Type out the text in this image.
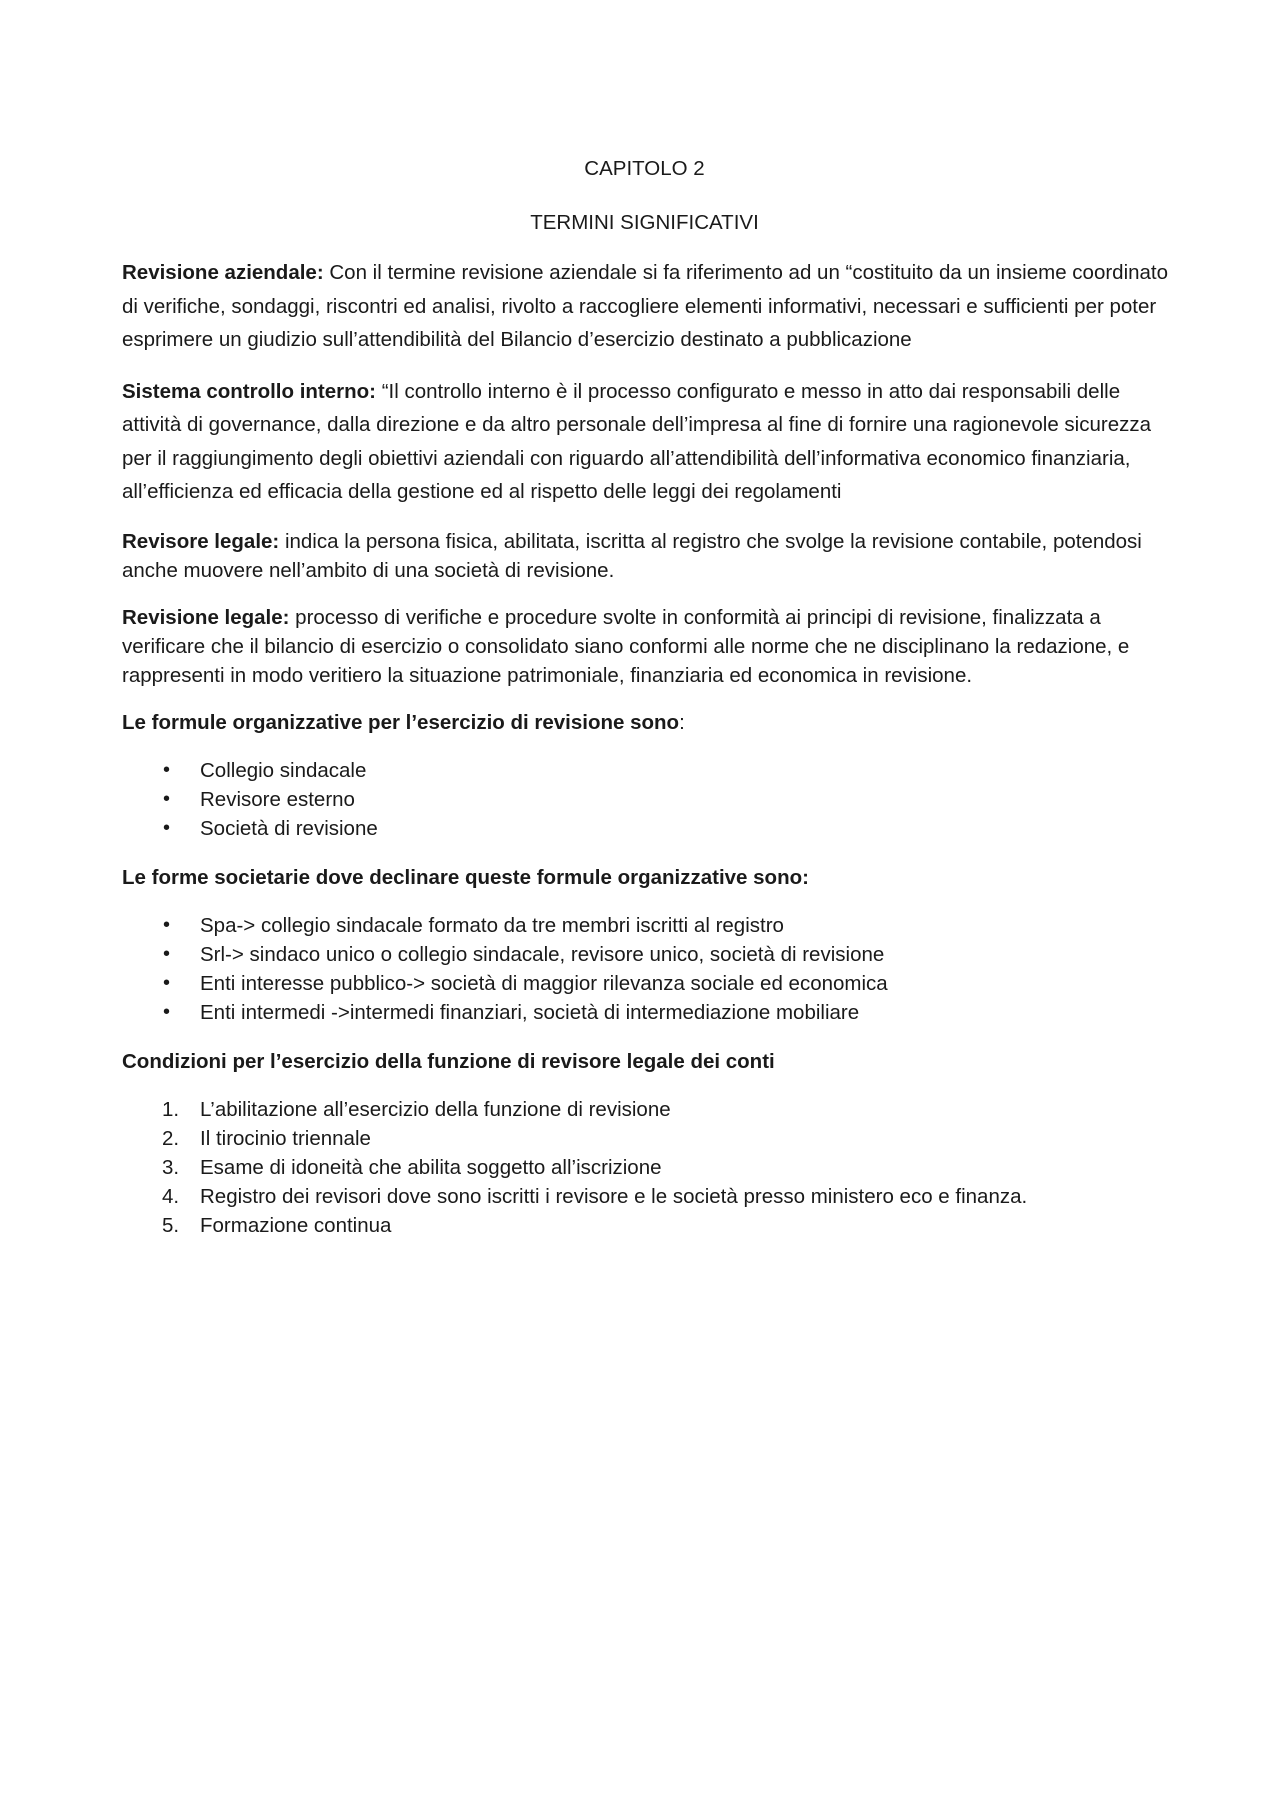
CAPITOLO 2

TERMINI SIGNIFICATIVI

Revisione aziendale: Con il termine revisione aziendale si fa riferimento ad un “costituito da un insieme coordinato di verifiche, sondaggi, riscontri ed analisi, rivolto a raccogliere elementi informativi, necessari e sufficienti per poter esprimere un giudizio sull’attendibilità del Bilancio d’esercizio destinato a pubblicazione

Sistema controllo interno: “Il controllo interno è il processo configurato e messo in atto dai responsabili delle attività di governance, dalla direzione e da altro personale dell’impresa al fine di fornire una ragionevole sicurezza per il raggiungimento degli obiettivi aziendali con riguardo all’attendibilità dell’informativa economico finanziaria, all’efficienza ed efficacia della gestione ed al rispetto delle leggi dei regolamenti

Revisore legale: indica la persona fisica, abilitata, iscritta al registro che svolge la revisione contabile, potendosi anche muovere nell’ambito di una società di revisione.

Revisione legale: processo di verifiche e procedure svolte in conformità ai principi di revisione, finalizzata a verificare che il bilancio di esercizio o consolidato siano conformi alle norme che ne disciplinano la redazione, e rappresenti in modo veritiero la situazione patrimoniale, finanziaria ed economica in revisione.

Le formule organizzative per l’esercizio di revisione sono:

• Collegio sindacale
• Revisore esterno
• Società di revisione

Le forme societarie dove declinare queste formule organizzative sono:

• Spa-> collegio sindacale formato da tre membri iscritti al registro
• Srl-> sindaco unico o collegio sindacale, revisore unico, società di revisione
• Enti interesse pubblico-> società di maggior rilevanza sociale ed economica
• Enti intermedi ->intermedi finanziari, società di intermediazione mobiliare

Condizioni per l’esercizio della funzione di revisore legale dei conti

1. L’abilitazione all’esercizio della funzione di revisione
2. Il tirocinio triennale
3. Esame di idoneità che abilita soggetto all’iscrizione
4. Registro dei revisori dove sono iscritti i revisore e le società presso ministero eco e finanza.
5. Formazione continua
